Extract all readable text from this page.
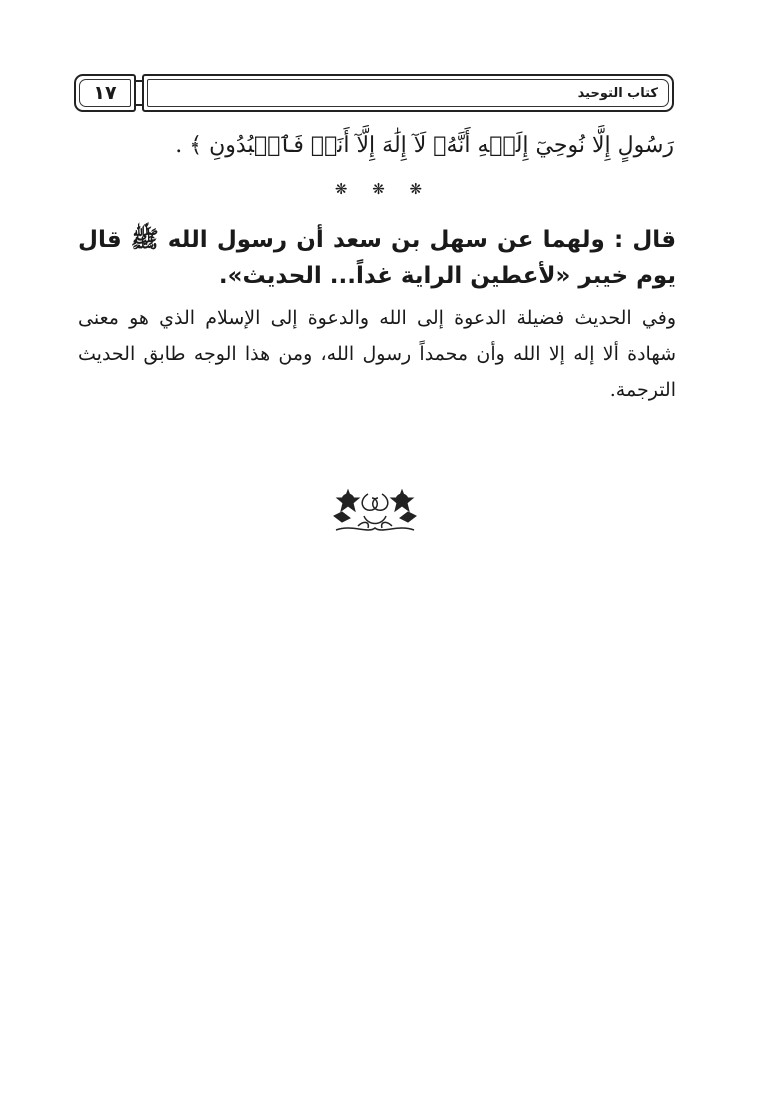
١٧	كتاب التوحيد
رَسُولٍ إِلَّا نُوحِيٓ إِلَيۡهِ أَنَّهُۥ لَآ إِلَٰهَ إِلَّآ أَنَا۠ فَٱعۡبُدُونِ ﴾ .
❋ ❋ ❋
قال : ولهما عن سهل بن سعد أن رسول الله ﷺ قال يوم خيبر «لأعطين الراية غداً... الحديث».
وفي الحديث فضيلة الدعوة إلى الله والدعوة إلى الإسلام الذي هو معنى شهادة ألا إله إلا الله وأن محمداً رسول الله، ومن هذا الوجه طابق الحديث الترجمة.
